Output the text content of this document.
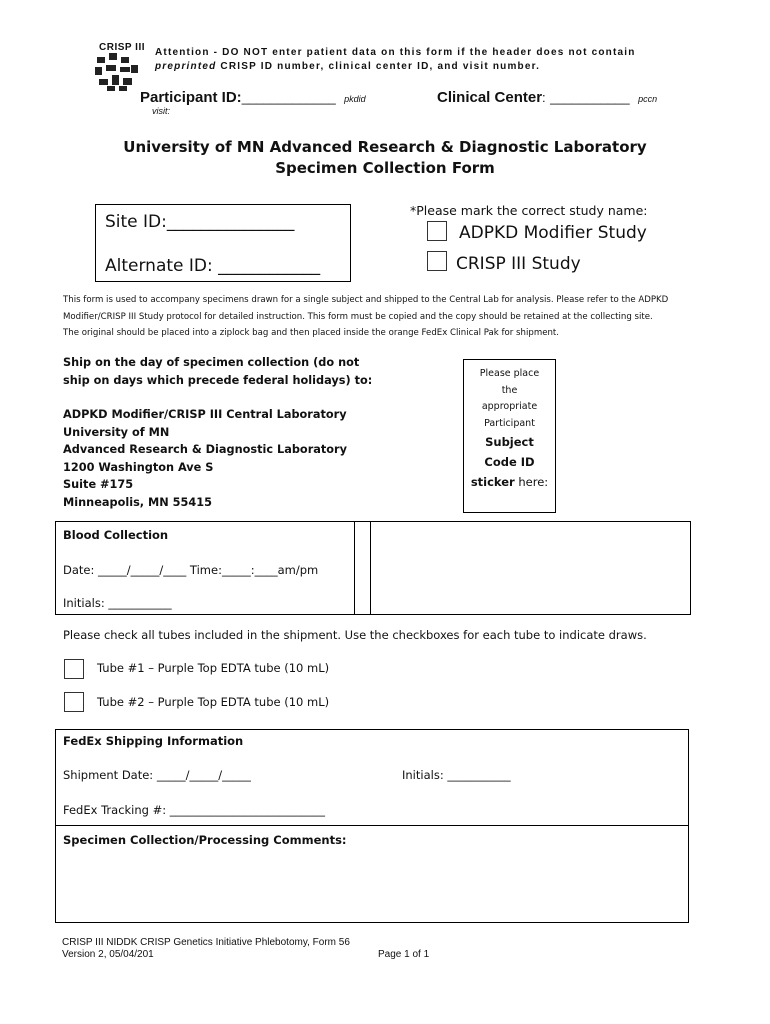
CRISP III Attention - DO NOT enter patient data on this form if the header does not contain
preprinted CRISP ID number, clinical center ID, and visit number.
Participant ID:_____________ pkdid
visit:
Clinical Center: ___________ pccn
University of MN Advanced Research & Diagnostic Laboratory
Specimen Collection Form
Site ID:_______________
Alternate ID: ____________
*Please mark the correct study name:
ADPKD Modifier Study
CRISP III Study
This form is used to accompany specimens drawn for a single subject and shipped to the Central Lab for analysis. Please refer to the ADPKD
Modifier/CRISP III Study protocol for detailed instruction. This form must be copied and the copy should be retained at the collecting site.
The original should be placed into a ziplock bag and then placed inside the orange FedEx Clinical Pak for shipment.
Ship on the day of specimen collection (do not
ship on days which precede federal holidays) to:
ADPKD Modifier/CRISP III Central Laboratory
University of MN
Advanced Research & Diagnostic Laboratory
1200 Washington Ave S
Suite #175
Minneapolis, MN 55415
Please place
the
appropriate
Participant
Subject
Code ID
sticker here:
Blood Collection
Date: _____/_____/____ Time:_____:____am/pm
Initials: ___________
Please check all tubes included in the shipment. Use the checkboxes for each tube to indicate draws.
Tube #1 – Purple Top EDTA tube (10 mL)
Tube #2 – Purple Top EDTA tube (10 mL)
FedEx Shipping Information
Shipment Date: _____/_____/_____	Initials: ___________
FedEx Tracking #: ___________________________
Specimen Collection/Processing Comments:
CRISP III NIDDK CRISP Genetics Initiative Phlebotomy, Form 56
Version 2, 05/04/201	Page 1 of 1
